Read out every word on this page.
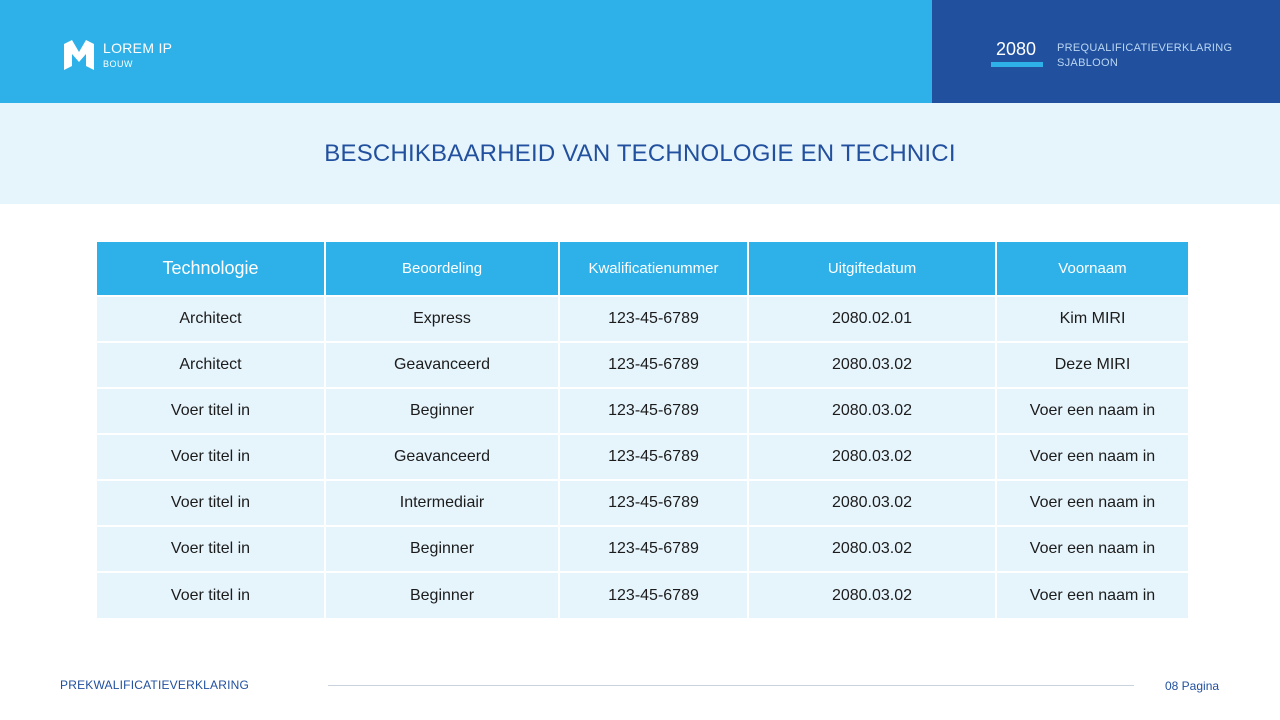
LOREM IP
BOUW
2080 PREQUALIFICATIEVERKLARING
SJABLOON
BESCHIKBAARHEID VAN TECHNOLOGIE EN TECHNICI
Technologie	Beoordeling	Kwalificatienummer	Uitgiftedatum	Voornaam
Architect	Express	123-45-6789	2080.02.01	Kim MIRI
Architect	Geavanceerd	123-45-6789	2080.03.02	Deze MIRI
Voer titel in	Beginner	123-45-6789	2080.03.02	Voer een naam in
Voer titel in	Geavanceerd	123-45-6789	2080.03.02	Voer een naam in
Voer titel in	Intermediair	123-45-6789	2080.03.02	Voer een naam in
Voer titel in	Beginner	123-45-6789	2080.03.02	Voer een naam in
Voer titel in	Beginner	123-45-6789	2080.03.02	Voer een naam in
PREKWALIFICATIEVERKLARING	08 Pagina
